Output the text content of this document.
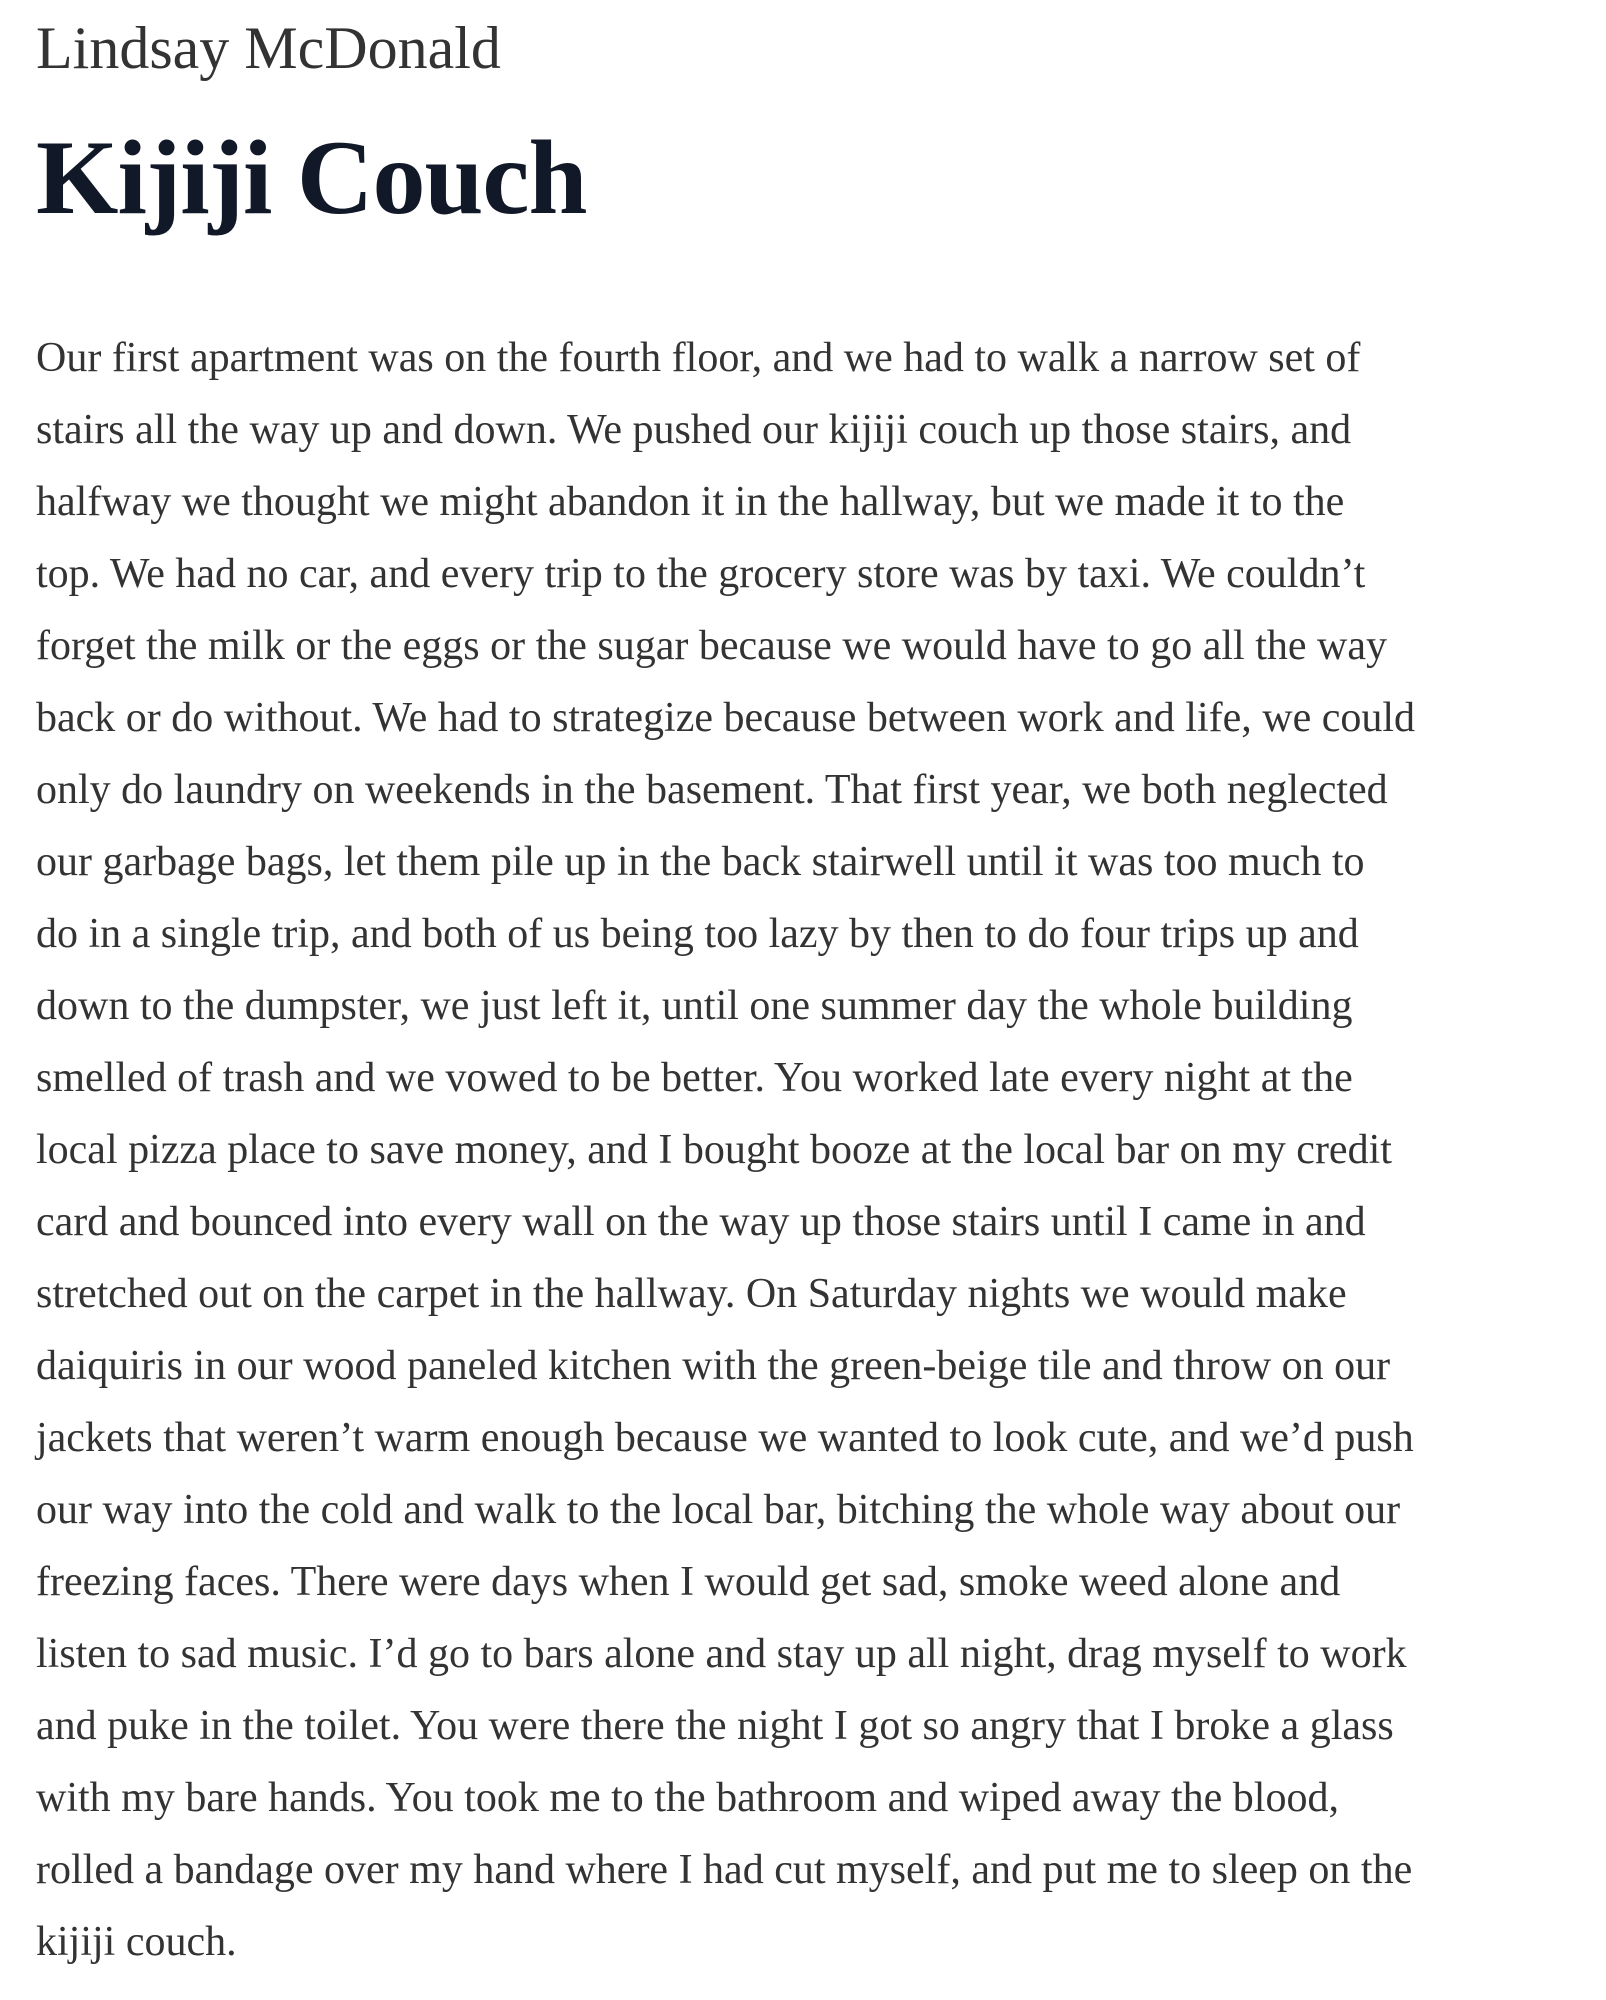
Lindsay McDonald
Kijiji Couch
Our first apartment was on the fourth floor, and we had to walk a narrow set of
stairs all the way up and down. We pushed our kijiji couch up those stairs, and
halfway we thought we might abandon it in the hallway, but we made it to the
top. We had no car, and every trip to the grocery store was by taxi. We couldn’t
forget the milk or the eggs or the sugar because we would have to go all the way
back or do without. We had to strategize because between work and life, we could
only do laundry on weekends in the basement. That first year, we both neglected
our garbage bags, let them pile up in the back stairwell until it was too much to
do in a single trip, and both of us being too lazy by then to do four trips up and
down to the dumpster, we just left it, until one summer day the whole building
smelled of trash and we vowed to be better. You worked late every night at the
local pizza place to save money, and I bought booze at the local bar on my credit
card and bounced into every wall on the way up those stairs until I came in and
stretched out on the carpet in the hallway. On Saturday nights we would make
daiquiris in our wood paneled kitchen with the green-beige tile and throw on our
jackets that weren’t warm enough because we wanted to look cute, and we’d push
our way into the cold and walk to the local bar, bitching the whole way about our
freezing faces. There were days when I would get sad, smoke weed alone and
listen to sad music. I’d go to bars alone and stay up all night, drag myself to work
and puke in the toilet. You were there the night I got so angry that I broke a glass
with my bare hands. You took me to the bathroom and wiped away the blood,
rolled a bandage over my hand where I had cut myself, and put me to sleep on the
kijiji couch.
